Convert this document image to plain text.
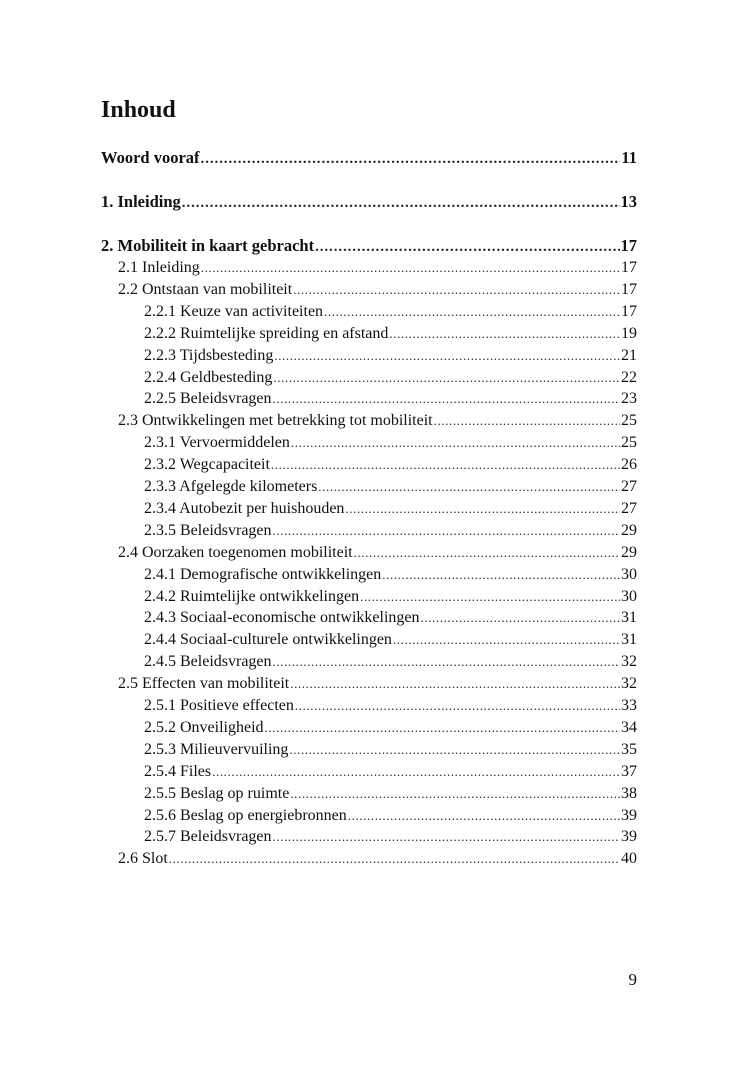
Inhoud
Woord vooraf .....	11
1. Inleiding .....	13
2. Mobiliteit in kaart gebracht .....	17
2.1 Inleiding .....	17
2.2 Ontstaan van mobiliteit .....	17
2.2.1 Keuze van activiteiten .....	17
2.2.2 Ruimtelijke spreiding en afstand .....	19
2.2.3 Tijdsbesteding .....	21
2.2.4 Geldbesteding .....	22
2.2.5 Beleidsvragen .....	23
2.3 Ontwikkelingen met betrekking tot mobiliteit .....	25
2.3.1 Vervoermiddelen .....	25
2.3.2 Wegcapaciteit .....	26
2.3.3 Afgelegde kilometers .....	27
2.3.4 Autobezit per huishouden .....	27
2.3.5 Beleidsvragen .....	29
2.4 Oorzaken toegenomen mobiliteit .....	29
2.4.1 Demografische ontwikkelingen .....	30
2.4.2 Ruimtelijke ontwikkelingen .....	30
2.4.3 Sociaal-economische ontwikkelingen .....	31
2.4.4 Sociaal-culturele ontwikkelingen .....	31
2.4.5 Beleidsvragen .....	32
2.5 Effecten van mobiliteit .....	32
2.5.1 Positieve effecten .....	33
2.5.2 Onveiligheid .....	34
2.5.3 Milieuvervuiling .....	35
2.5.4 Files .....	37
2.5.5 Beslag op ruimte .....	38
2.5.6 Beslag op energiebronnen .....	39
2.5.7 Beleidsvragen .....	39
2.6 Slot .....	40
9
